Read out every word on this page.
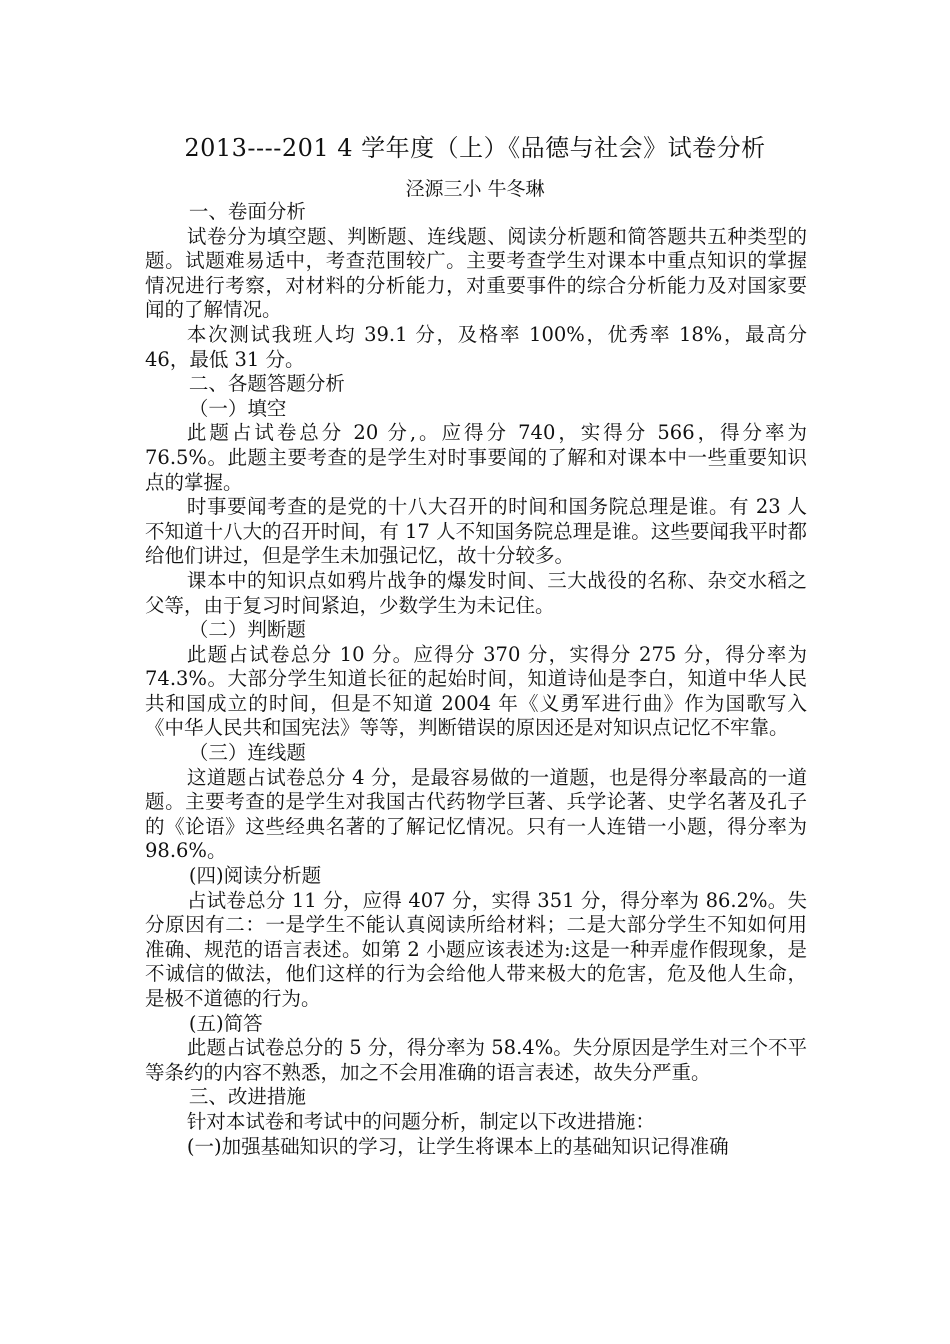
2013----201 4 学年度（上）《品德与社会》试卷分析
泾源三小 牛冬琳

一、卷面分析

试卷分为填空题、判断题、连线题、阅读分析题和简答题共五种类型的题。试题难易适中，考查范围较广。主要考查学生对课本中重点知识的掌握情况进行考察，对材料的分析能力，对重要事件的综合分析能力及对国家要闻的了解情况。

本次测试我班人均 39.1 分，及格率 100%，优秀率 18%，最高分 46，最低 31 分。

二、各题答题分析

（一）填空

此题占试卷总分 20 分,。应得分 740，实得分 566，得分率为 76.5%。此题主要考查的是学生对时事要闻的了解和对课本中一些重要知识点的掌握。

时事要闻考查的是党的十八大召开的时间和国务院总理是谁。有 23 人不知道十八大的召开时间，有 17 人不知国务院总理是谁。这些要闻我平时都给他们讲过，但是学生未加强记忆，故十分较多。

课本中的知识点如鸦片战争的爆发时间、三大战役的名称、杂交水稻之父等，由于复习时间紧迫，少数学生为未记住。

（二）判断题

此题占试卷总分 10 分。应得分 370 分，实得分 275 分，得分率为 74.3%。大部分学生知道长征的起始时间，知道诗仙是李白，知道中华人民共和国成立的时间，但是不知道 2004 年《义勇军进行曲》作为国歌写入《中华人民共和国宪法》等等，判断错误的原因还是对知识点记忆不牢靠。

（三）连线题

这道题占试卷总分 4 分，是最容易做的一道题，也是得分率最高的一道题。主要考查的是学生对我国古代药物学巨著、兵学论著、史学名著及孔子的《论语》这些经典名著的了解记忆情况。只有一人连错一小题，得分率为 98.6%。

(四)阅读分析题

占试卷总分 11 分，应得 407 分，实得 351 分，得分率为 86.2%。失分原因有二：一是学生不能认真阅读所给材料；二是大部分学生不知如何用准确、规范的语言表述。如第 2 小题应该表述为:这是一种弄虚作假现象，是不诚信的做法，他们这样的行为会给他人带来极大的危害，危及他人生命，是极不道德的行为。

(五)简答

此题占试卷总分的 5 分，得分率为 58.4%。失分原因是学生对三个不平等条约的内容不熟悉，加之不会用准确的语言表述，故失分严重。

三、改进措施

针对本试卷和考试中的问题分析，制定以下改进措施：

(一)加强基础知识的学习，让学生将课本上的基础知识记得准确
